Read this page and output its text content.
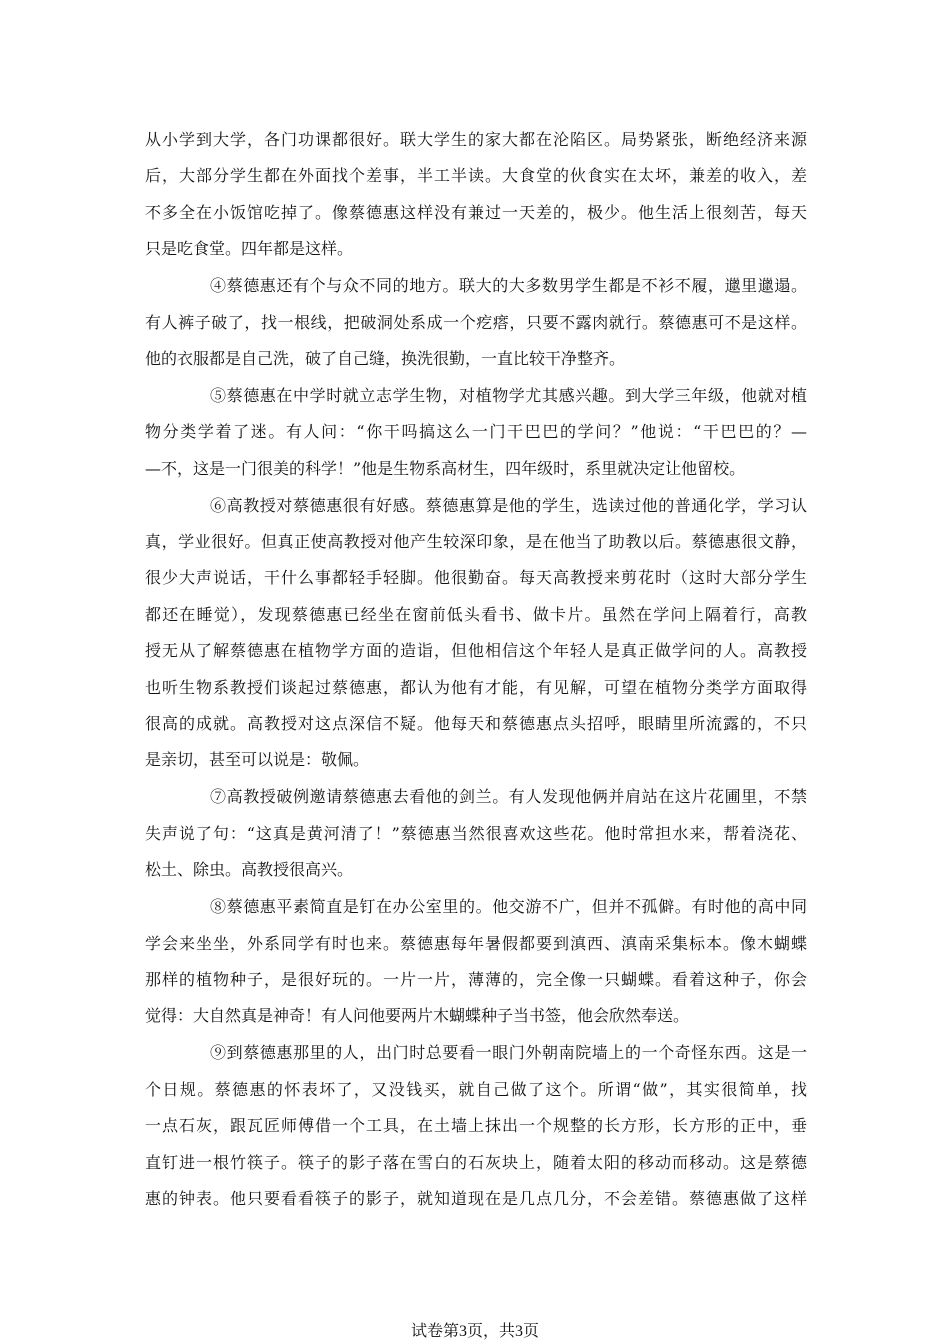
从小学到大学，各门功课都很好。联大学生的家大都在沦陷区。局势紧张，断绝经济来源
后，大部分学生都在外面找个差事，半工半读。大食堂的伙食实在太坏，兼差的收入，差
不多全在小饭馆吃掉了。像蔡德惠这样没有兼过一天差的，极少。他生活上很刻苦，每天
只是吃食堂。四年都是这样。
④蔡德惠还有个与众不同的地方。联大的大多数男学生都是不衫不履，邋里邋遢。
有人裤子破了，找一根线，把破洞处系成一个疙瘩，只要不露肉就行。蔡德惠可不是这样。
他的衣服都是自己洗，破了自己缝，换洗很勤，一直比较干净整齐。
⑤蔡德惠在中学时就立志学生物，对植物学尤其感兴趣。到大学三年级，他就对植
物分类学着了迷。有人问：“你干吗搞这么一门干巴巴的学问？”他说：“干巴巴的？—
—不，这是一门很美的科学！”他是生物系高材生，四年级时，系里就决定让他留校。
⑥高教授对蔡德惠很有好感。蔡德惠算是他的学生，选读过他的普通化学，学习认
真，学业很好。但真正使高教授对他产生较深印象，是在他当了助教以后。蔡德惠很文静，
很少大声说话，干什么事都轻手轻脚。他很勤奋。每天高教授来剪花时（这时大部分学生
都还在睡觉），发现蔡德惠已经坐在窗前低头看书、做卡片。虽然在学问上隔着行，高教
授无从了解蔡德惠在植物学方面的造诣，但他相信这个年轻人是真正做学问的人。高教授
也听生物系教授们谈起过蔡德惠，都认为他有才能，有见解，可望在植物分类学方面取得
很高的成就。高教授对这点深信不疑。他每天和蔡德惠点头招呼，眼睛里所流露的，不只
是亲切，甚至可以说是：敬佩。
⑦高教授破例邀请蔡德惠去看他的剑兰。有人发现他俩并肩站在这片花圃里，不禁
失声说了句：“这真是黄河清了！”蔡德惠当然很喜欢这些花。他时常担水来，帮着浇花、
松土、除虫。高教授很高兴。
⑧蔡德惠平素简直是钉在办公室里的。他交游不广，但并不孤僻。有时他的高中同
学会来坐坐，外系同学有时也来。蔡德惠每年暑假都要到滇西、滇南采集标本。像木蝴蝶
那样的植物种子，是很好玩的。一片一片，薄薄的，完全像一只蝴蝶。看着这种子，你会
觉得：大自然真是神奇！有人问他要两片木蝴蝶种子当书签，他会欣然奉送。
⑨到蔡德惠那里的人，出门时总要看一眼门外朝南院墙上的一个奇怪东西。这是一
个日规。蔡德惠的怀表坏了，又没钱买，就自己做了这个。所谓“做”，其实很简单，找
一点石灰，跟瓦匠师傅借一个工具，在土墙上抹出一个规整的长方形，长方形的正中，垂
直钉进一根竹筷子。筷子的影子落在雪白的石灰块上，随着太阳的移动而移动。这是蔡德
惠的钟表。他只要看看筷子的影子，就知道现在是几点几分，不会差错。蔡德惠做了这样
试卷第3页，共3页
